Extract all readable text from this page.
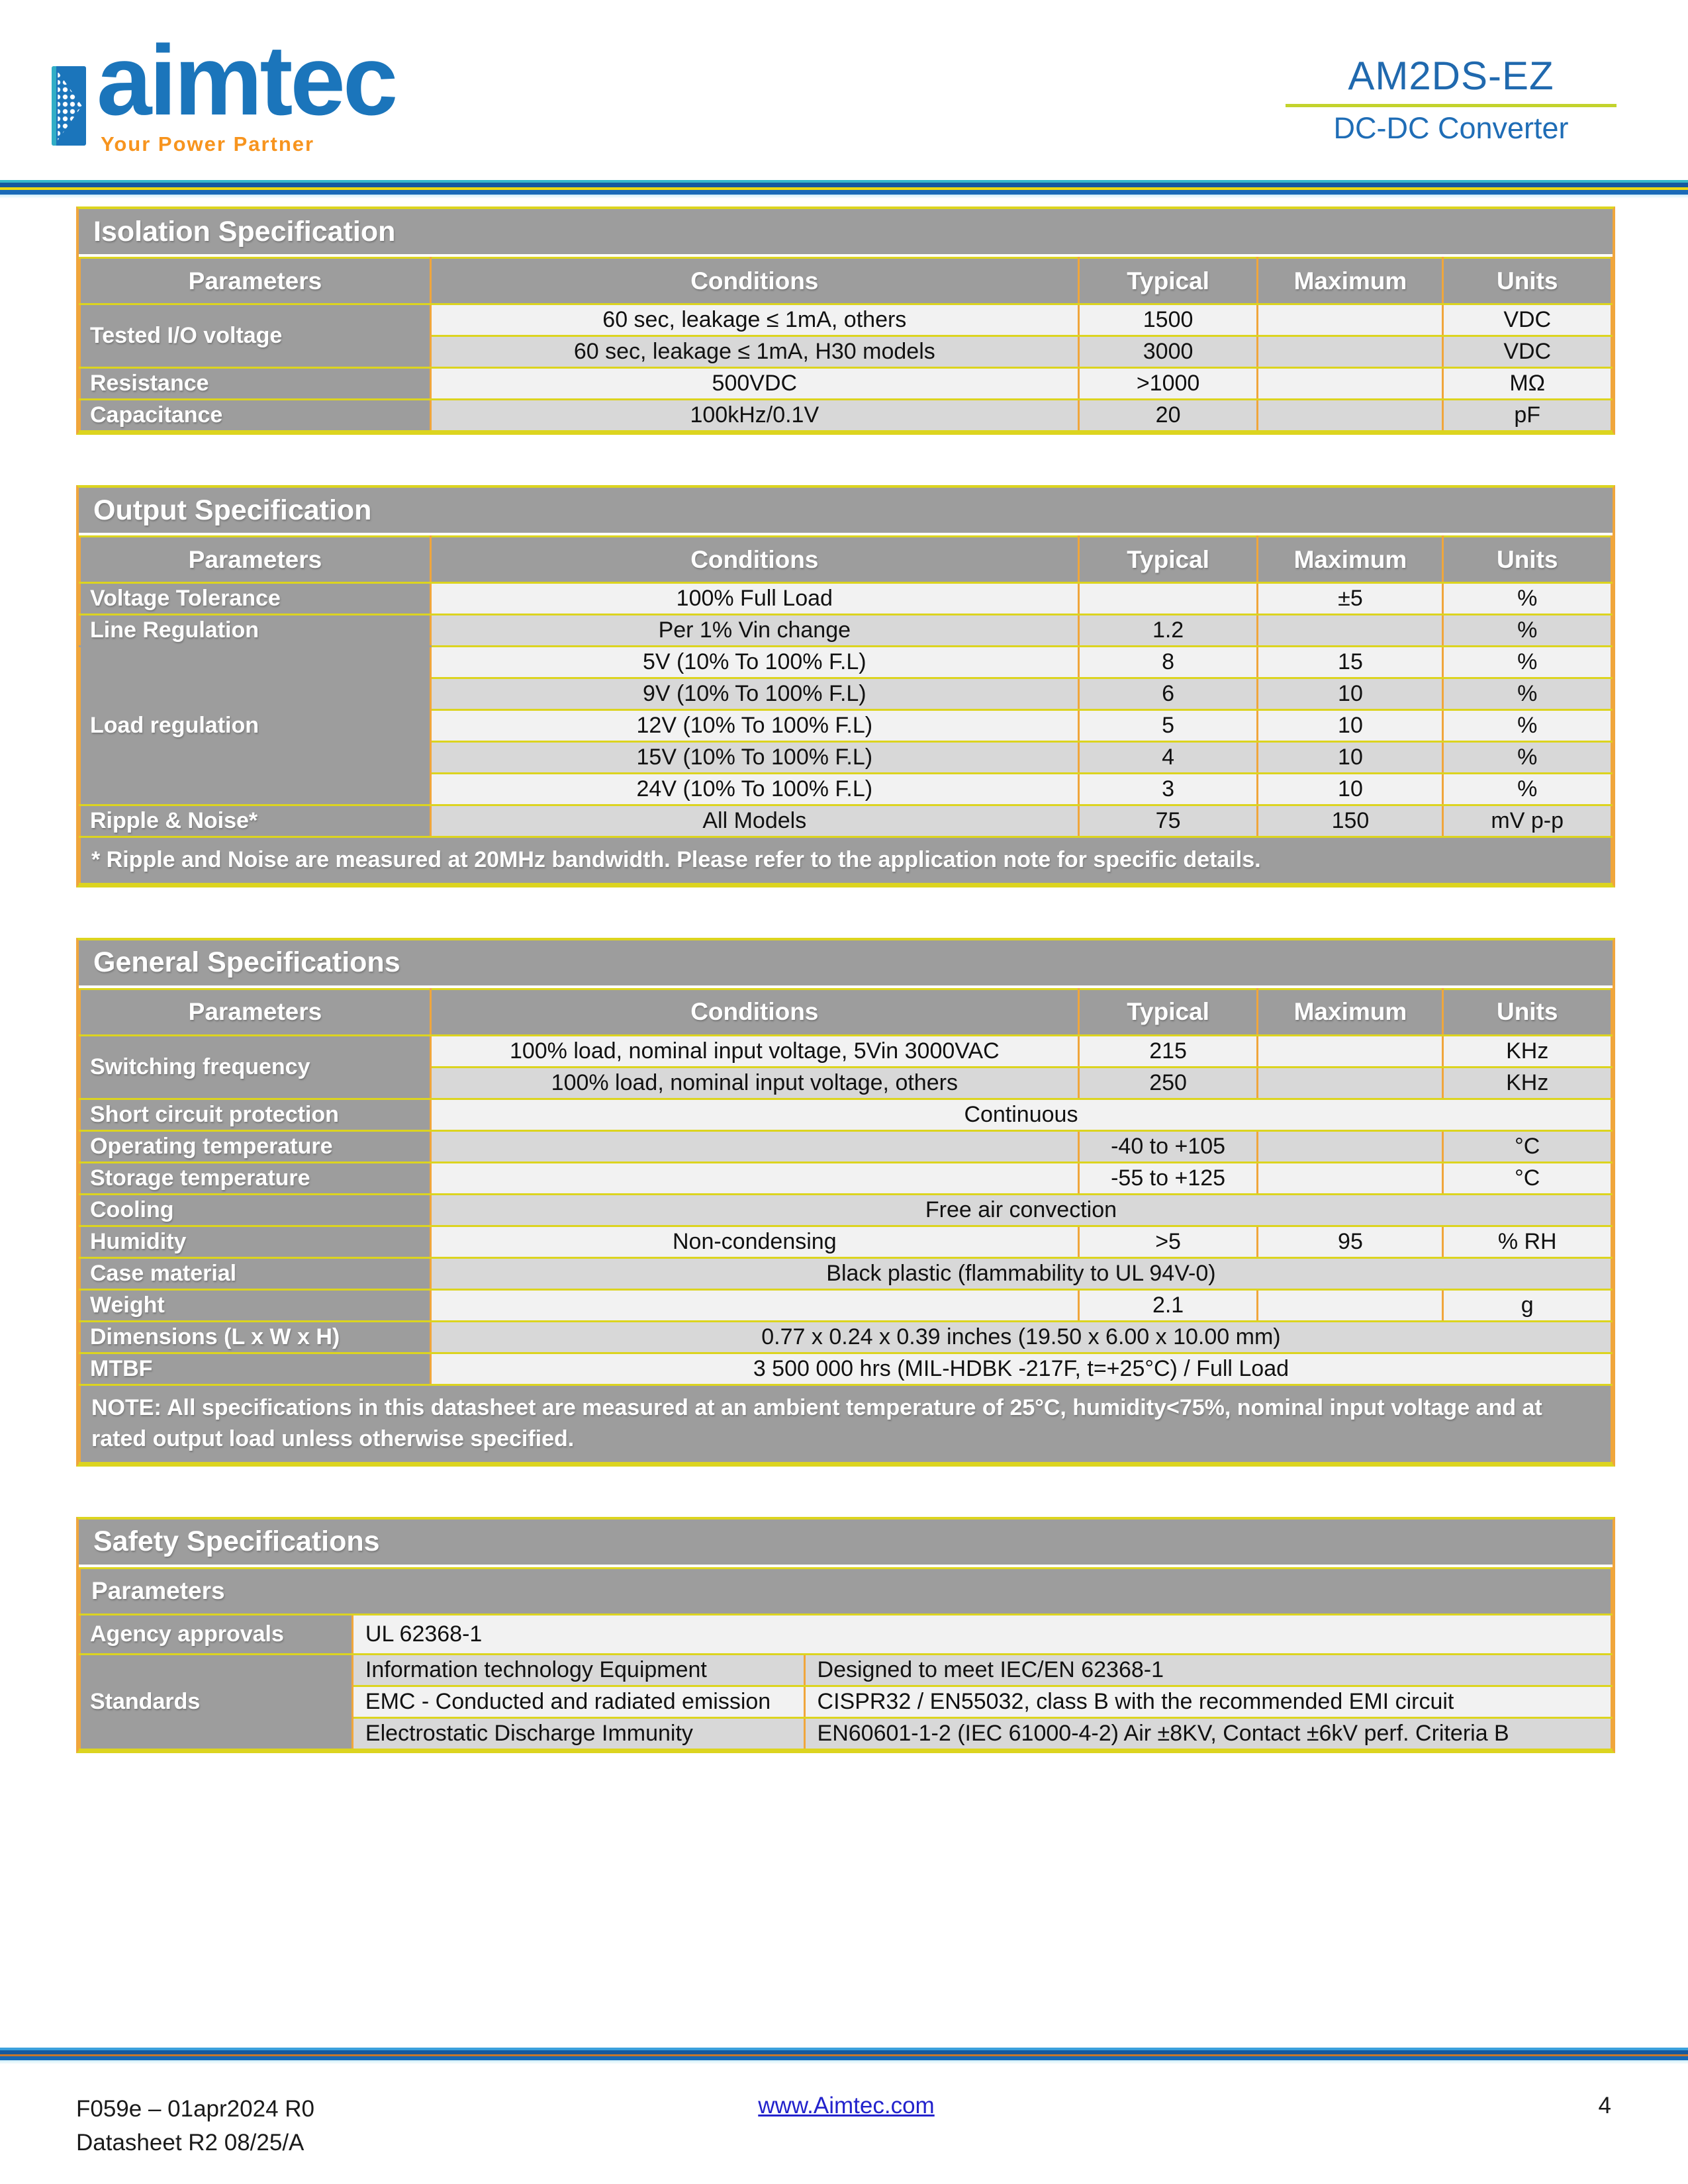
aimtec
Your Power Partner
AM2DS-EZ
DC-DC Converter
Isolation Specification
Parameters	Conditions	Typical	Maximum	Units
Tested I/O voltage	60 sec, leakage ≤ 1mA, others	1500		VDC
	60 sec, leakage ≤ 1mA, H30 models	3000		VDC
Resistance	500VDC	>1000		MΩ
Capacitance	100kHz/0.1V	20		pF
Output Specification
Parameters	Conditions	Typical	Maximum	Units
Voltage Tolerance	100% Full Load		±5	%
Line Regulation	Per 1% Vin change	1.2		%
Load regulation	5V (10% To 100% F.L)	8	15	%
	9V (10% To 100% F.L)	6	10	%
	12V (10% To 100% F.L)	5	10	%
	15V (10% To 100% F.L)	4	10	%
	24V (10% To 100% F.L)	3	10	%
Ripple & Noise*	All Models	75	150	mV p-p
* Ripple and Noise are measured at 20MHz bandwidth. Please refer to the application note for specific details.				
General Specifications
Parameters	Conditions	Typical	Maximum	Units
Switching frequency	100% load, nominal input voltage, 5Vin 3000VAC	215		KHz
	100% load, nominal input voltage, others	250		KHz
Short circuit protection	Continuous			
Operating temperature		-40 to +105		°C
Storage temperature		-55 to +125		°C
Cooling	Free air convection			
Humidity	Non-condensing	>5	95	% RH
Case material	Black plastic (flammability to UL 94V-0)			
Weight		2.1		g
Dimensions (L x W x H)	0.77 x 0.24 x 0.39 inches (19.50 x 6.00 x 10.00 mm)			
MTBF	3 500 000 hrs (MIL-HDBK -217F, t=+25°C) / Full Load			
NOTE: All specifications in this datasheet are measured at an ambient temperature of 25°C, humidity<75%, nominal input voltage and at rated output load unless otherwise specified.				
Safety Specifications
Parameters		
Agency approvals	UL 62368-1	
Standards	Information technology Equipment	Designed to meet IEC/EN 62368-1
	EMC - Conducted and radiated emission	CISPR32 / EN55032, class B with the recommended EMI circuit
	Electrostatic Discharge Immunity	EN60601-1-2 (IEC 61000-4-2) Air ±8KV, Contact ±6kV perf. Criteria B
F059e – 01apr2024 R0
Datasheet R2 08/25/A
www.Aimtec.com	4
